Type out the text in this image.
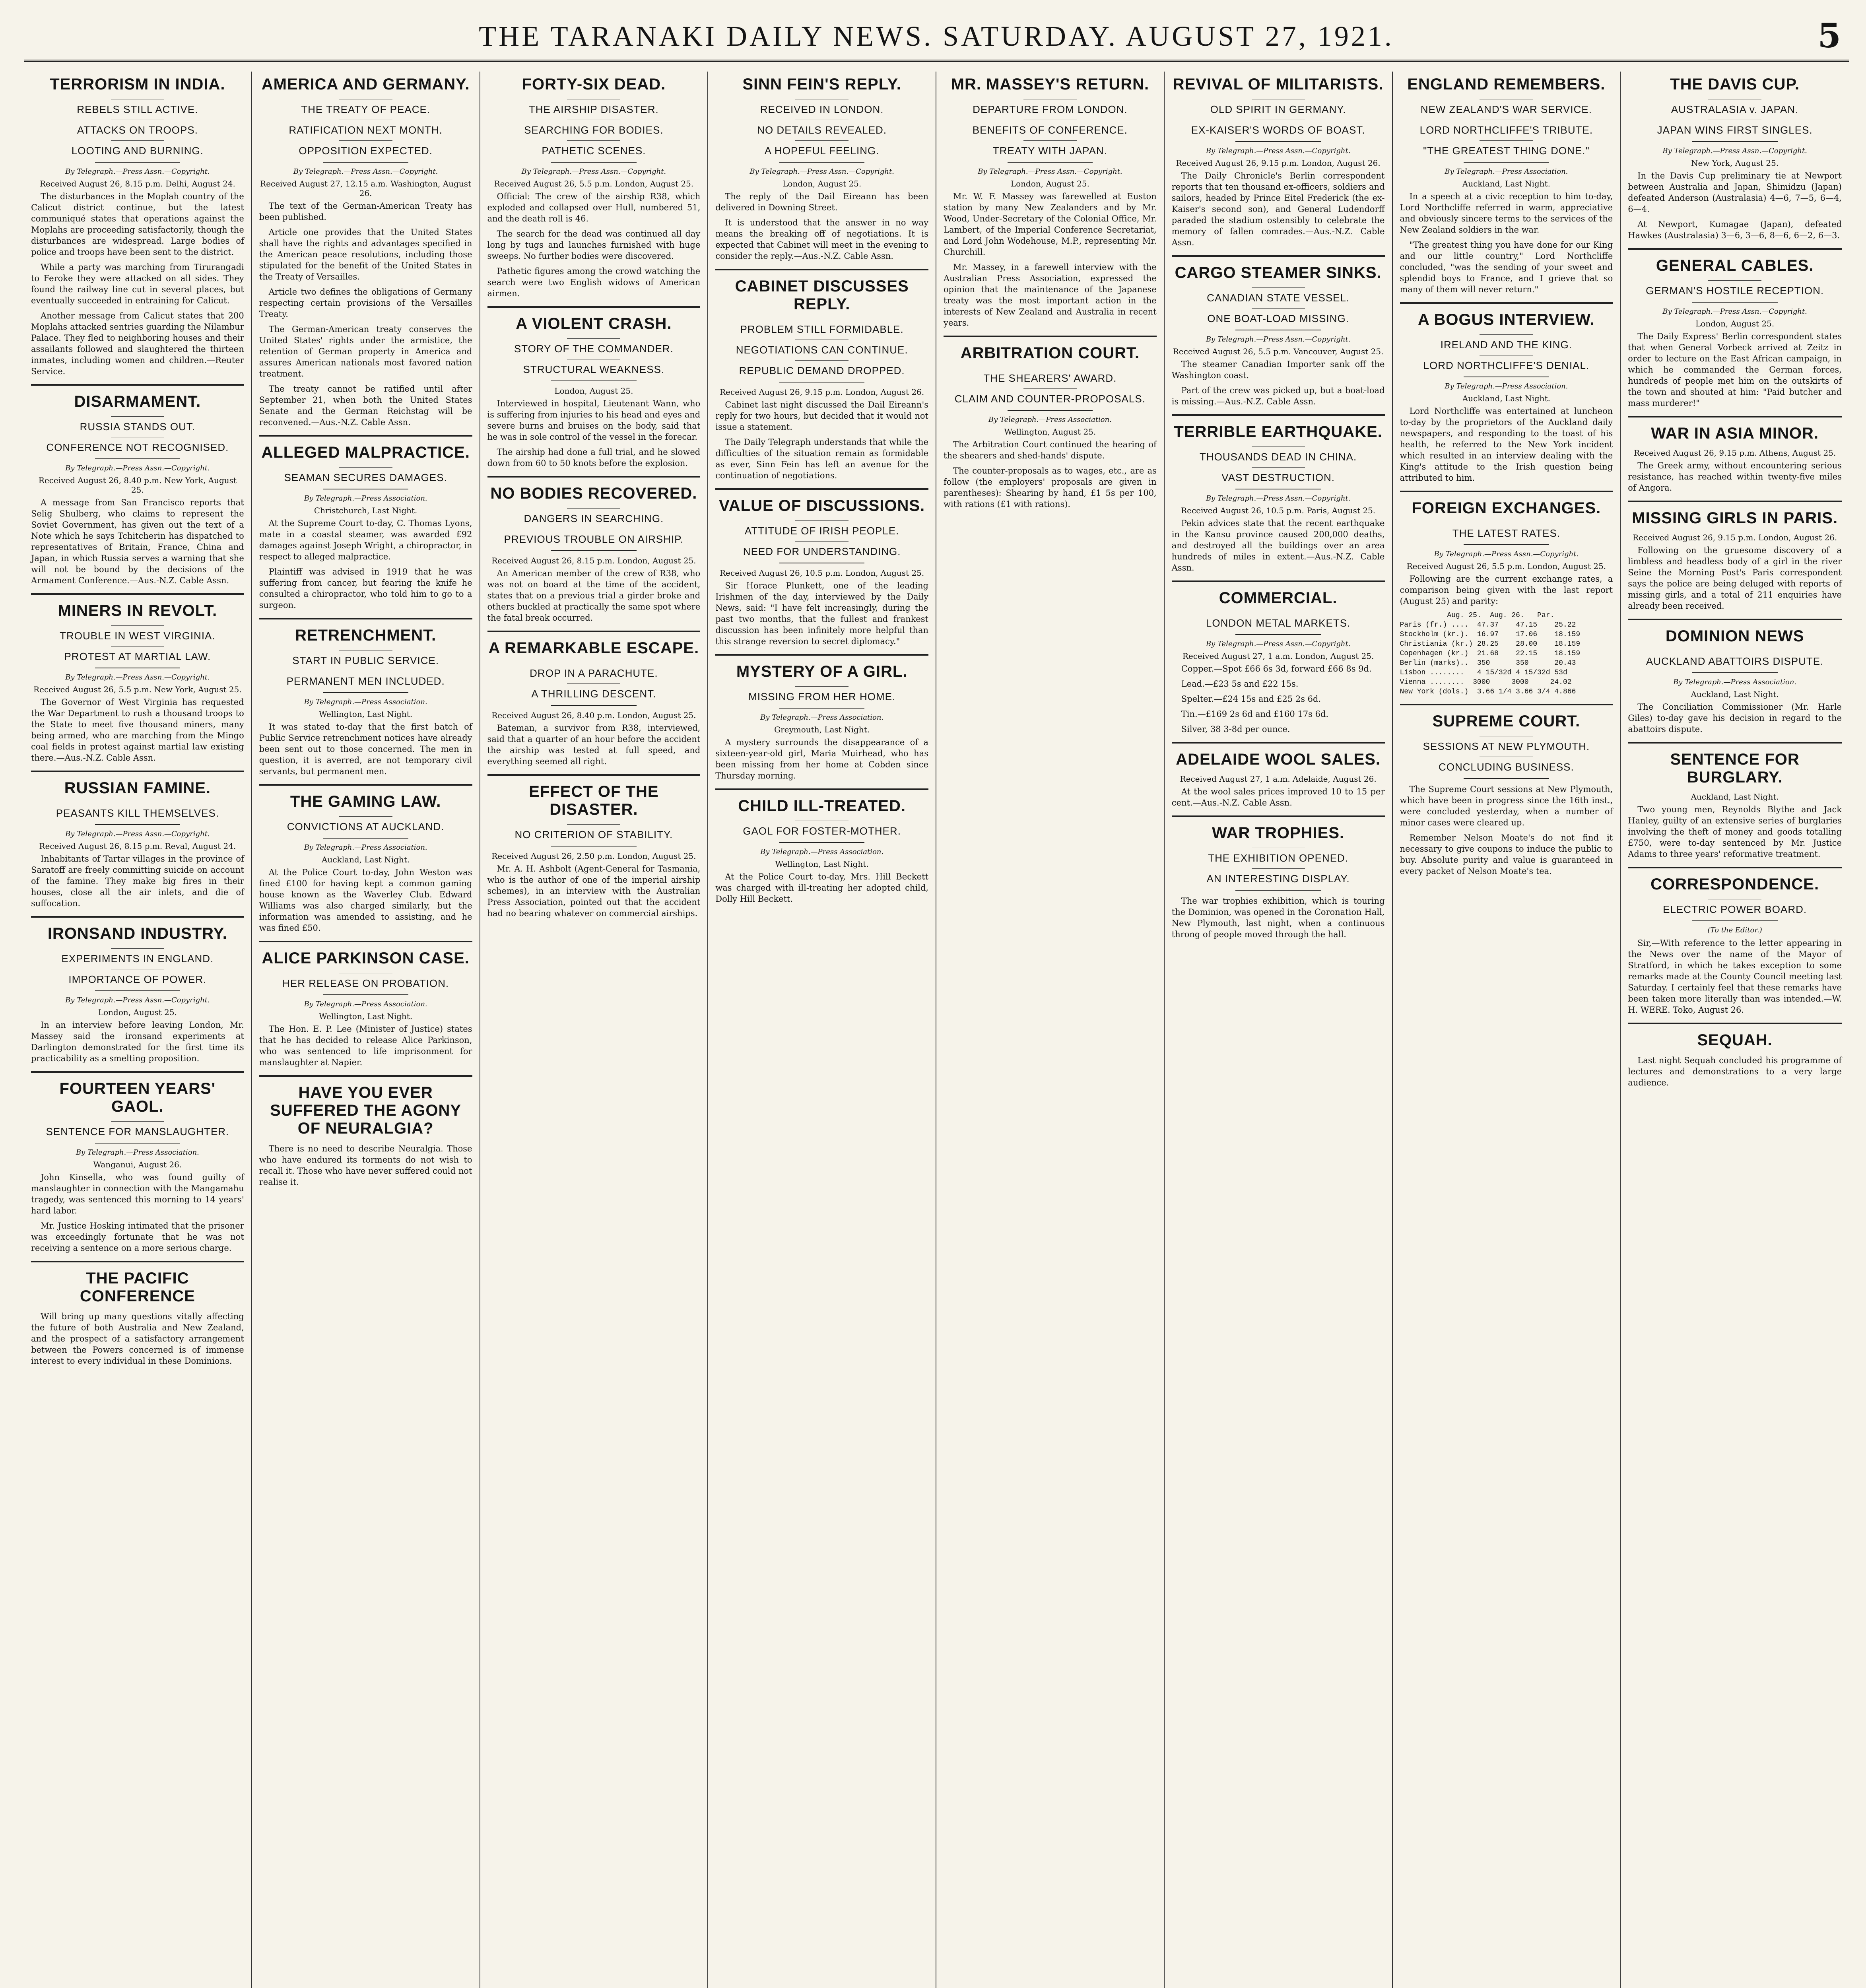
THE TARANAKI DAILY NEWS. SATURDAY. AUGUST 27, 1921.	5
TERRORISM IN INDIA.
REBELS STILL ACTIVE.
ATTACKS ON TROOPS.
LOOTING AND BURNING.
By Telegraph.—Press Assn.—Copyright.
Received August 26, 8.15 p.m. Delhi, August 24.

The disturbances in the Moplah country of the Calicut district continue, but the latest communiqué states that operations against the Moplahs are proceeding satisfactorily, though the disturbances are widespread. Large bodies of police and troops have been sent to the district.

While a party was marching from Tirurangadi to Feroke they were attacked on all sides. They found the railway line cut in several places, but eventually succeeded in entraining for Calicut.

Another message from Calicut states that 200 Moplahs attacked sentries guarding the Nilambur Palace. They fled to neighboring houses and their assailants followed and slaughtered the thirteen inmates, including women and children.—Reuter Service.

DISARMAMENT.
RUSSIA STANDS OUT.
CONFERENCE NOT RECOGNISED.
By Telegraph.—Press Assn.—Copyright.
Received August 26, 8.40 p.m. New York, August 25.

A message from San Francisco reports that Selig Shulberg, who claims to represent the Soviet Government, has given out the text of a Note which he says Tchitcherin has dispatched to representatives of Britain, France, China and Japan, in which Russia serves a warning that she will not be bound by the decisions of the Armament Conference.—Aus.-N.Z. Cable Assn.

MINERS IN REVOLT.
TROUBLE IN WEST VIRGINIA.
PROTEST AT MARTIAL LAW.
By Telegraph.—Press Assn.—Copyright.
Received August 26, 5.5 p.m. New York, August 25.

The Governor of West Virginia has requested the War Department to rush a thousand troops to the State to meet five thousand miners, many being armed, who are marching from the Mingo coal fields in protest against martial law existing there.—Aus.-N.Z. Cable Assn.

RUSSIAN FAMINE.
PEASANTS KILL THEMSELVES.
By Telegraph.—Press Assn.—Copyright.
Received August 26, 8.15 p.m. Reval, August 24.

Inhabitants of Tartar villages in the province of Saratoff are freely committing suicide on account of the famine. They make big fires in their houses, close all the air inlets, and die of suffocation.

IRONSAND INDUSTRY.
EXPERIMENTS IN ENGLAND.
IMPORTANCE OF POWER.
By Telegraph.—Press Assn.—Copyright.
London, August 25.

In an interview before leaving London, Mr. Massey said the ironsand experiments at Darlington demonstrated for the first time its practicability as a smelting proposition.

FOURTEEN YEARS' GAOL.
SENTENCE FOR MANSLAUGHTER.
By Telegraph.—Press Association.
Wanganui, August 26.

John Kinsella, who was found guilty of manslaughter in connection with the Mangamahu tragedy, was sentenced this morning to 14 years' hard labor.

Mr. Justice Hosking intimated that the prisoner was exceedingly fortunate that he was not receiving a sentence on a more serious charge.

THE PACIFIC CONFERENCE

Will bring up many questions vitally affecting the future of both Australia and New Zealand, and the prospect of a satisfactory arrangement between the Powers concerned is of immense interest to every individual in these Dominions.

AMERICA AND GERMANY.
THE TREATY OF PEACE.
RATIFICATION NEXT MONTH.
OPPOSITION EXPECTED.
By Telegraph.—Press Assn.—Copyright.
Received August 27, 12.15 a.m. Washington, August 26.

The text of the German-American Treaty has been published.

Article one provides that the United States shall have the rights and advantages specified in the American peace resolutions, including those stipulated for the benefit of the United States in the Treaty of Versailles.

Article two defines the obligations of Germany respecting certain provisions of the Versailles Treaty.

The German-American treaty conserves the United States' rights under the armistice, the retention of German property in America and assures American nationals most favored nation treatment.

The treaty cannot be ratified until after September 21, when both the United States Senate and the German Reichstag will be reconvened.—Aus.-N.Z. Cable Assn.

ALLEGED MALPRACTICE.
SEAMAN SECURES DAMAGES.
By Telegraph.—Press Association.
Christchurch, Last Night.

At the Supreme Court to-day, C. Thomas Lyons, mate in a coastal steamer, was awarded £92 damages against Joseph Wright, a chiropractor, in respect to alleged malpractice.

Plaintiff was advised in 1919 that he was suffering from cancer, but fearing the knife he consulted a chiropractor, who told him to go to a surgeon.

RETRENCHMENT.
START IN PUBLIC SERVICE.
PERMANENT MEN INCLUDED.
By Telegraph.—Press Association.
Wellington, Last Night.

It was stated to-day that the first batch of Public Service retrenchment notices have already been sent out to those concerned. The men in question, it is averred, are not temporary civil servants, but permanent men.

THE GAMING LAW.
CONVICTIONS AT AUCKLAND.
By Telegraph.—Press Association.
Auckland, Last Night.

At the Police Court to-day, John Weston was fined £100 for having kept a common gaming house known as the Waverley Club. Edward Williams was also charged similarly, but the information was amended to assisting, and he was fined £50.

ALICE PARKINSON CASE.
HER RELEASE ON PROBATION.
By Telegraph.—Press Association.
Wellington, Last Night.

The Hon. E. P. Lee (Minister of Justice) states that he has decided to release Alice Parkinson, who was sentenced to life imprisonment for manslaughter at Napier.

HAVE YOU EVER SUFFERED THE AGONY OF NEURALGIA?

There is no need to describe Neuralgia. Those who have endured its torments do not wish to recall it. Those who have never suffered could not realise it.

FORTY-SIX DEAD.
THE AIRSHIP DISASTER.
SEARCHING FOR BODIES.
PATHETIC SCENES.
By Telegraph.—Press Assn.—Copyright.
Received August 26, 5.5 p.m. London, August 25.

Official: The crew of the airship R38, which exploded and collapsed over Hull, numbered 51, and the death roll is 46.

The search for the dead was continued all day long by tugs and launches furnished with huge sweeps. No further bodies were discovered.

Pathetic figures among the crowd watching the search were two English widows of American airmen.

A VIOLENT CRASH.
STORY OF THE COMMANDER.
STRUCTURAL WEAKNESS.
London, August 25.

Interviewed in hospital, Lieutenant Wann, who is suffering from injuries to his head and eyes and severe burns and bruises on the body, said that he was in sole control of the vessel in the forecar.

The airship had done a full trial, and he slowed down from 60 to 50 knots before the explosion.

NO BODIES RECOVERED.
DANGERS IN SEARCHING.
PREVIOUS TROUBLE ON AIRSHIP.
Received August 26, 8.15 p.m. London, August 25.

An American member of the crew of R38, who was not on board at the time of the accident, states that on a previous trial a girder broke and others buckled at practically the same spot where the fatal break occurred.

A REMARKABLE ESCAPE.
DROP IN A PARACHUTE.
A THRILLING DESCENT.
Received August 26, 8.40 p.m. London, August 25.

Bateman, a survivor from R38, interviewed, said that a quarter of an hour before the accident the airship was tested at full speed, and everything seemed all right.

EFFECT OF THE DISASTER.
NO CRITERION OF STABILITY.
Received August 26, 2.50 p.m. London, August 25.

Mr. A. H. Ashbolt (Agent-General for Tasmania, who is the author of one of the imperial airship schemes), in an interview with the Australian Press Association, pointed out that the accident had no bearing whatever on commercial airships.

SINN FEIN'S REPLY.
RECEIVED IN LONDON.
NO DETAILS REVEALED.
A HOPEFUL FEELING.
By Telegraph.—Press Assn.—Copyright.
London, August 25.

The reply of the Dail Eireann has been delivered in Downing Street.

It is understood that the answer in no way means the breaking off of negotiations. It is expected that Cabinet will meet in the evening to consider the reply.—Aus.-N.Z. Cable Assn.

CABINET DISCUSSES REPLY.
PROBLEM STILL FORMIDABLE.
NEGOTIATIONS CAN CONTINUE.
REPUBLIC DEMAND DROPPED.
Received August 26, 9.15 p.m. London, August 26.

Cabinet last night discussed the Dail Eireann's reply for two hours, but decided that it would not issue a statement.

The Daily Telegraph understands that while the difficulties of the situation remain as formidable as ever, Sinn Fein has left an avenue for the continuation of negotiations.

VALUE OF DISCUSSIONS.
ATTITUDE OF IRISH PEOPLE.
NEED FOR UNDERSTANDING.
Received August 26, 10.5 p.m. London, August 25.

Sir Horace Plunkett, one of the leading Irishmen of the day, interviewed by the Daily News, said: "I have felt increasingly, during the past two months, that the fullest and frankest discussion has been infinitely more helpful than this strange reversion to secret diplomacy."

MYSTERY OF A GIRL.
MISSING FROM HER HOME.
By Telegraph.—Press Association.
Greymouth, Last Night.

A mystery surrounds the disappearance of a sixteen-year-old girl, Maria Muirhead, who has been missing from her home at Cobden since Thursday morning.

CHILD ILL-TREATED.
GAOL FOR FOSTER-MOTHER.
By Telegraph.—Press Association.
Wellington, Last Night.

At the Police Court to-day, Mrs. Hill Beckett was charged with ill-treating her adopted child, Dolly Hill Beckett.

MR. MASSEY'S RETURN.
DEPARTURE FROM LONDON.
BENEFITS OF CONFERENCE.
TREATY WITH JAPAN.
By Telegraph.—Press Assn.—Copyright.
London, August 25.

Mr. W. F. Massey was farewelled at Euston station by many New Zealanders and by Mr. Wood, Under-Secretary of the Colonial Office, Mr. Lambert, of the Imperial Conference Secretariat, and Lord John Wodehouse, M.P., representing Mr. Churchill.

Mr. Massey, in a farewell interview with the Australian Press Association, expressed the opinion that the maintenance of the Japanese treaty was the most important action in the interests of New Zealand and Australia in recent years.

ARBITRATION COURT.
THE SHEARERS' AWARD.
CLAIM AND COUNTER-PROPOSALS.
By Telegraph.—Press Association.
Wellington, August 25.

The Arbitration Court continued the hearing of the shearers and shed-hands' dispute.

The counter-proposals as to wages, etc., are as follow (the employers' proposals are given in parentheses): Shearing by hand, £1 5s per 100, with rations (£1 with rations).

REVIVAL OF MILITARISTS.
OLD SPIRIT IN GERMANY.
EX-KAISER'S WORDS OF BOAST.
By Telegraph.—Press Assn.—Copyright.
Received August 26, 9.15 p.m. London, August 26.

The Daily Chronicle's Berlin correspondent reports that ten thousand ex-officers, soldiers and sailors, headed by Prince Eitel Frederick (the ex-Kaiser's second son), and General Ludendorff paraded the stadium ostensibly to celebrate the memory of fallen comrades.—Aus.-N.Z. Cable Assn.

CARGO STEAMER SINKS.
CANADIAN STATE VESSEL.
ONE BOAT-LOAD MISSING.
By Telegraph.—Press Assn.—Copyright.
Received August 26, 5.5 p.m. Vancouver, August 25.

The steamer Canadian Importer sank off the Washington coast.

Part of the crew was picked up, but a boat-load is missing.—Aus.-N.Z. Cable Assn.

TERRIBLE EARTHQUAKE.
THOUSANDS DEAD IN CHINA.
VAST DESTRUCTION.
By Telegraph.—Press Assn.—Copyright.
Received August 26, 10.5 p.m. Paris, August 25.

Pekin advices state that the recent earthquake in the Kansu province caused 200,000 deaths, and destroyed all the buildings over an area hundreds of miles in extent.—Aus.-N.Z. Cable Assn.

COMMERCIAL.
LONDON METAL MARKETS.
By Telegraph.—Press Assn.—Copyright.
Received August 27, 1 a.m. London, August 25.

Copper.—Spot £66 6s 3d, forward £66 8s 9d.

Lead.—£23 5s and £22 15s.

Spelter.—£24 15s and £25 2s 6d.

Tin.—£169 2s 6d and £160 17s 6d.

Silver, 38 3-8d per ounce.

ADELAIDE WOOL SALES.
Received August 27, 1 a.m. Adelaide, August 26.

At the wool sales prices improved 10 to 15 per cent.—Aus.-N.Z. Cable Assn.

WAR TROPHIES.
THE EXHIBITION OPENED.
AN INTERESTING DISPLAY.

The war trophies exhibition, which is touring the Dominion, was opened in the Coronation Hall, New Plymouth, last night, when a continuous throng of people moved through the hall.

ENGLAND REMEMBERS.
NEW ZEALAND'S WAR SERVICE.
LORD NORTHCLIFFE'S TRIBUTE.
"THE GREATEST THING DONE."
By Telegraph.—Press Association.
Auckland, Last Night.

In a speech at a civic reception to him to-day, Lord Northcliffe referred in warm, appreciative and obviously sincere terms to the services of the New Zealand soldiers in the war.

"The greatest thing you have done for our King and our little country," Lord Northcliffe concluded, "was the sending of your sweet and splendid boys to France, and I grieve that so many of them will never return."

A BOGUS INTERVIEW.
IRELAND AND THE KING.
LORD NORTHCLIFFE'S DENIAL.
By Telegraph.—Press Association.
Auckland, Last Night.

Lord Northcliffe was entertained at luncheon to-day by the proprietors of the Auckland daily newspapers, and responding to the toast of his health, he referred to the New York incident which resulted in an interview dealing with the King's attitude to the Irish question being attributed to him.

FOREIGN EXCHANGES.
THE LATEST RATES.
By Telegraph.—Press Assn.—Copyright.
Received August 26, 5.5 p.m. London, August 25.

Following are the current exchange rates, a comparison being given with the last report (August 25) and parity:

Aug. 25.  Aug. 26.   Par.
Paris (fr.) ....  47.37    47.15    25.22
Stockholm (kr.).  16.97    17.06    18.159
Christiania (kr.) 28.25    28.00    18.159
Copenhagen (kr.)  21.68    22.15    18.159
Berlin (marks)..  350      350      20.43
Lisbon ........   4 15/32d 4 15/32d 53d
Vienna ........  3000     3000     24.02
New York (dols.)  3.66 1/4 3.66 3/4 4.866
SUPREME COURT.
SESSIONS AT NEW PLYMOUTH.
CONCLUDING BUSINESS.

The Supreme Court sessions at New Plymouth, which have been in progress since the 16th inst., were concluded yesterday, when a number of minor cases were cleared up.

Remember Nelson Moate's do not find it necessary to give coupons to induce the public to buy. Absolute purity and value is guaranteed in every packet of Nelson Moate's tea.

THE DAVIS CUP.
AUSTRALASIA v. JAPAN.
JAPAN WINS FIRST SINGLES.
By Telegraph.—Press Assn.—Copyright.
New York, August 25.

In the Davis Cup preliminary tie at Newport between Australia and Japan, Shimidzu (Japan) defeated Anderson (Australasia) 4—6, 7—5, 6—4, 6—4.

At Newport, Kumagae (Japan), defeated Hawkes (Australasia) 3—6, 3—6, 8—6, 6—2, 6—3.

GENERAL CABLES.
GERMAN'S HOSTILE RECEPTION.
By Telegraph.—Press Assn.—Copyright.
London, August 25.

The Daily Express' Berlin correspondent states that when General Vorbeck arrived at Zeitz in order to lecture on the East African campaign, in which he commanded the German forces, hundreds of people met him on the outskirts of the town and shouted at him: "Paid butcher and mass murderer!"

WAR IN ASIA MINOR.
Received August 26, 9.15 p.m. Athens, August 25.

The Greek army, without encountering serious resistance, has reached within twenty-five miles of Angora.

MISSING GIRLS IN PARIS.
Received August 26, 9.15 p.m. London, August 26.

Following on the gruesome discovery of a limbless and headless body of a girl in the river Seine the Morning Post's Paris correspondent says the police are being deluged with reports of missing girls, and a total of 211 enquiries have already been received.

DOMINION NEWS
AUCKLAND ABATTOIRS DISPUTE.
By Telegraph.—Press Association.
Auckland, Last Night.

The Conciliation Commissioner (Mr. Harle Giles) to-day gave his decision in regard to the abattoirs dispute.

SENTENCE FOR BURGLARY.
Auckland, Last Night.

Two young men, Reynolds Blythe and Jack Hanley, guilty of an extensive series of burglaries involving the theft of money and goods totalling £750, were to-day sentenced by Mr. Justice Adams to three years' reformative treatment.

CORRESPONDENCE.
ELECTRIC POWER BOARD.
(To the Editor.)

Sir,—With reference to the letter appearing in the News over the name of the Mayor of Stratford, in which he takes exception to some remarks made at the County Council meeting last Saturday. I certainly feel that these remarks have been taken more literally than was intended.—W. H. WERE. Toko, August 26.

SEQUAH.

Last night Sequah concluded his programme of lectures and demonstrations to a very large audience.
